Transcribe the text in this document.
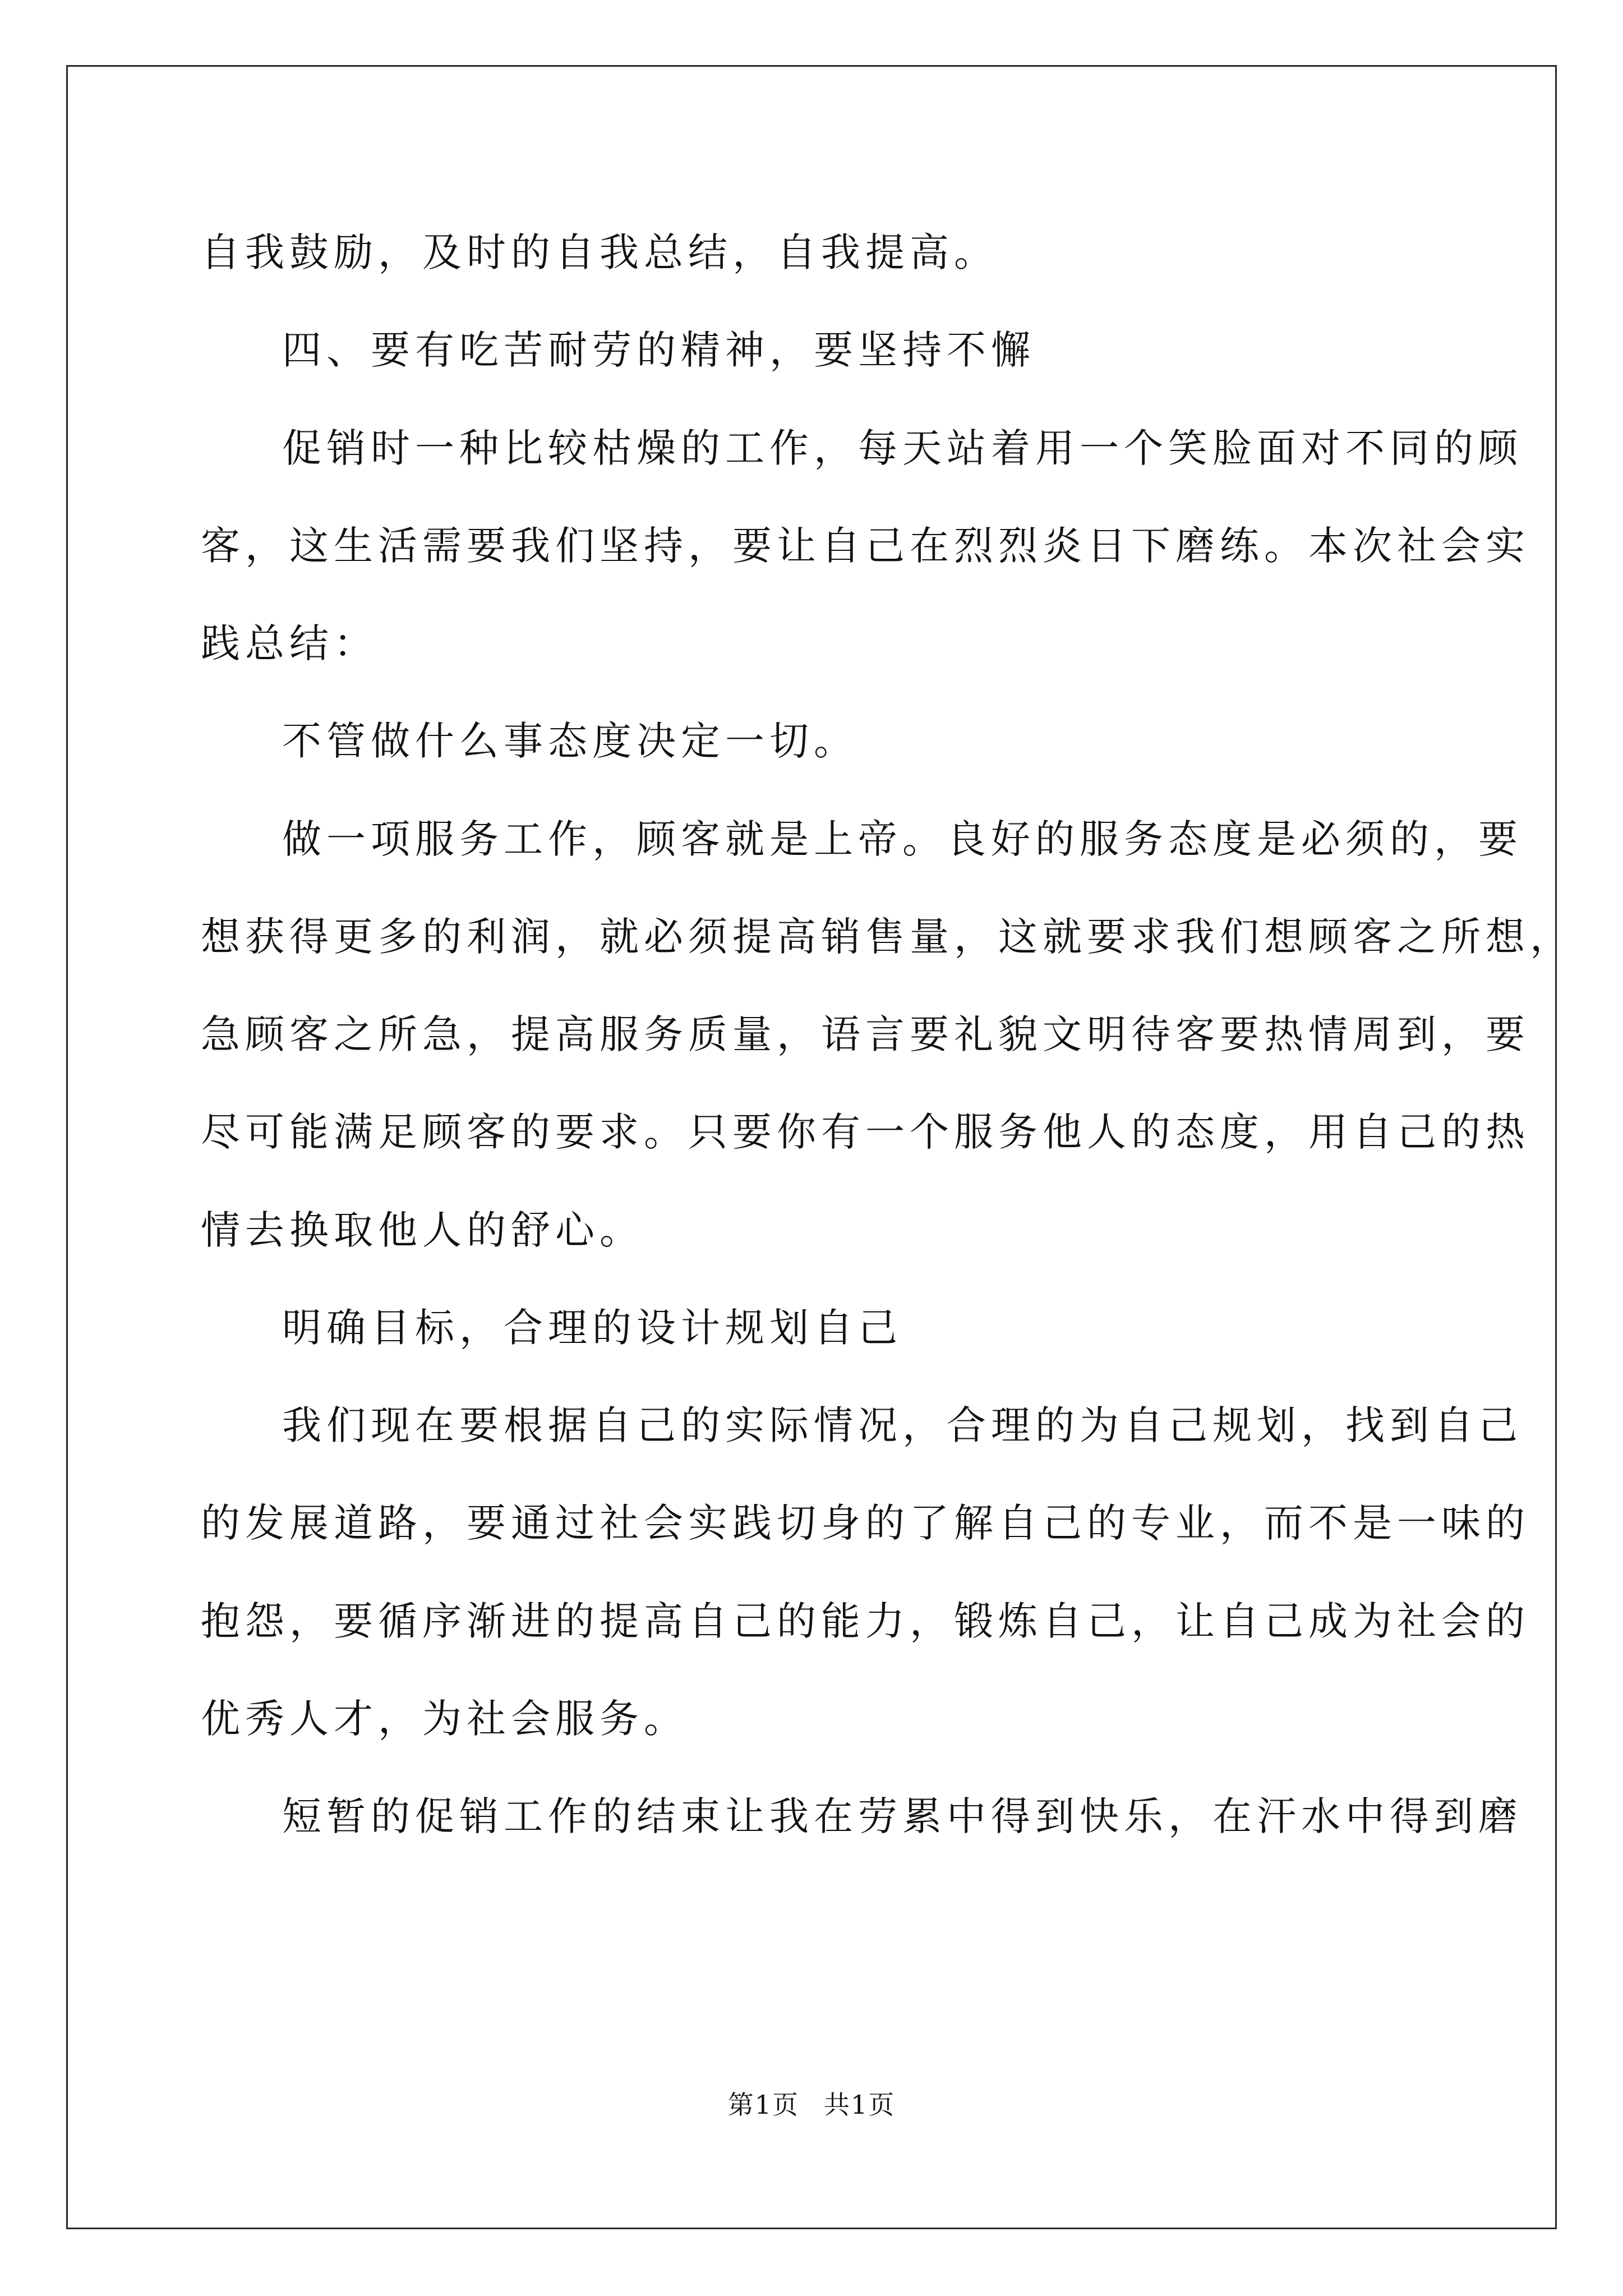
自我鼓励，及时的自我总结，自我提高。
四、要有吃苦耐劳的精神，要坚持不懈
促销时一种比较枯燥的工作，每天站着用一个笑脸面对不同的顾
客，这生活需要我们坚持，要让自己在烈烈炎日下磨练。本次社会实
践总结：
不管做什么事态度决定一切。
做一项服务工作，顾客就是上帝。良好的服务态度是必须的，要
想获得更多的利润，就必须提高销售量，这就要求我们想顾客之所想，
急顾客之所急，提高服务质量，语言要礼貌文明待客要热情周到，要
尽可能满足顾客的要求。只要你有一个服务他人的态度，用自己的热
情去换取他人的舒心。
明确目标，合理的设计规划自己
我们现在要根据自己的实际情况，合理的为自己规划，找到自己
的发展道路，要通过社会实践切身的了解自己的专业，而不是一味的
抱怨，要循序渐进的提高自己的能力，锻炼自己，让自己成为社会的
优秀人才，为社会服务。
短暂的促销工作的结束让我在劳累中得到快乐，在汗水中得到磨
第1页 共1页
